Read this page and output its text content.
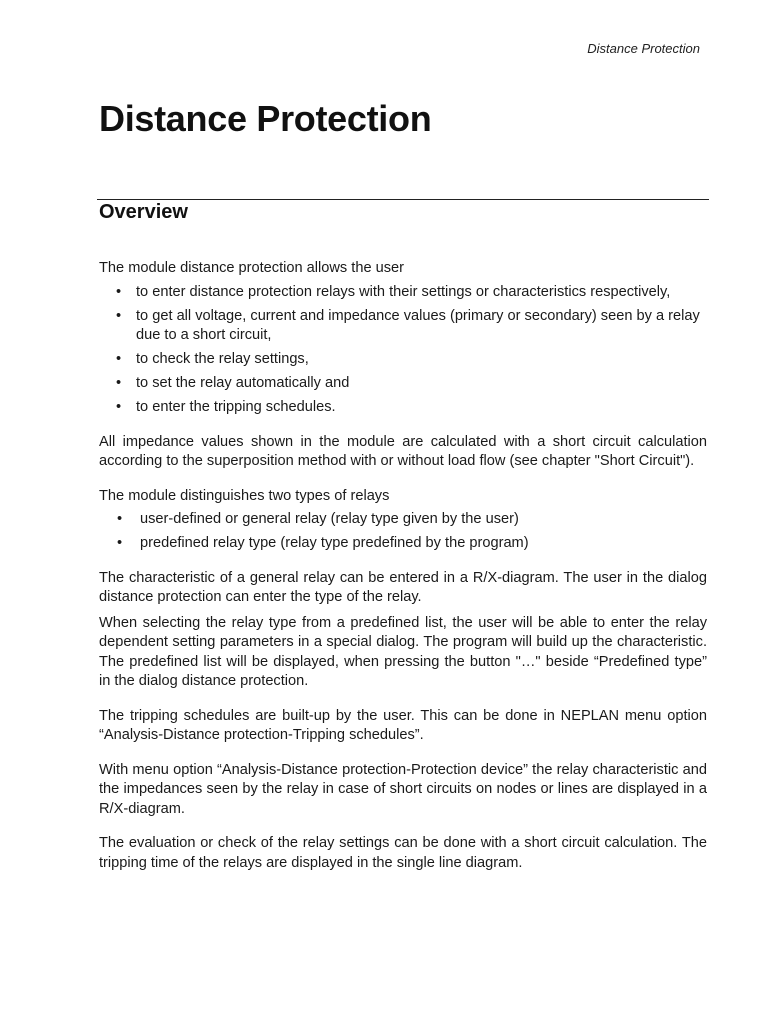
Distance Protection
Distance Protection
Overview

The module distance protection allows the user

• to enter distance protection relays with their settings or characteristics respectively,
• to get all voltage, current and impedance values (primary or secondary) seen by a relay due to a short circuit,
• to check the relay settings,
• to set the relay automatically and
• to enter the tripping schedules.

All impedance values shown in the module are calculated with a short circuit calculation according to the superposition method with or without load flow (see chapter "Short Circuit").

The module distinguishes two types of relays

• user-defined or general relay (relay type given by the user)
• predefined relay type (relay type predefined by the program)

The characteristic of a general relay can be entered in a R/X-diagram. The user in the dialog distance protection can enter the type of the relay.

When selecting the relay type from a predefined list, the user will be able to enter the relay dependent setting parameters in a special dialog. The program will build up the characteristic. The predefined list will be displayed, when pressing the button "…" beside “Predefined type” in the dialog distance protection.

The tripping schedules are built-up by the user. This can be done in NEPLAN menu option “Analysis-Distance protection-Tripping schedules”.

With menu option “Analysis-Distance protection-Protection device” the relay characteristic and the impedances seen by the relay in case of short circuits on nodes or lines are displayed in a R/X-diagram.

The evaluation or check of the relay settings can be done with a short circuit calculation. The tripping time of the relays are displayed in the single line diagram.
